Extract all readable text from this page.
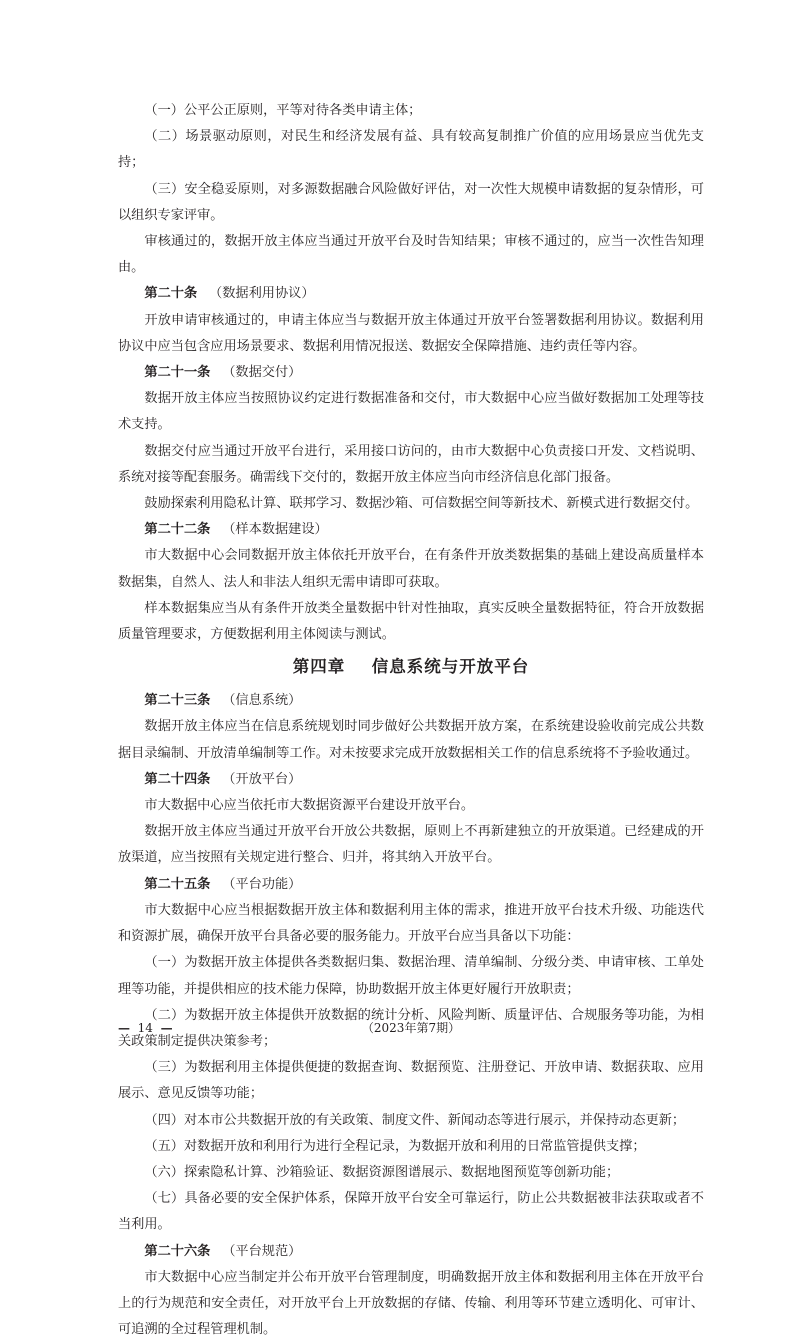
（一）公平公正原则，平等对待各类申请主体；

（二）场景驱动原则，对民生和经济发展有益、具有较高复制推广价值的应用场景应当优先支持；

（三）安全稳妥原则，对多源数据融合风险做好评估，对一次性大规模申请数据的复杂情形，可以组织专家评审。

审核通过的，数据开放主体应当通过开放平台及时告知结果；审核不通过的，应当一次性告知理由。

第二十条 （数据利用协议）

开放申请审核通过的，申请主体应当与数据开放主体通过开放平台签署数据利用协议。数据利用协议中应当包含应用场景要求、数据利用情况报送、数据安全保障措施、违约责任等内容。

第二十一条 （数据交付）

数据开放主体应当按照协议约定进行数据准备和交付，市大数据中心应当做好数据加工处理等技术支持。

数据交付应当通过开放平台进行，采用接口访问的，由市大数据中心负责接口开发、文档说明、系统对接等配套服务。确需线下交付的，数据开放主体应当向市经济信息化部门报备。

鼓励探索利用隐私计算、联邦学习、数据沙箱、可信数据空间等新技术、新模式进行数据交付。

第二十二条 （样本数据建设）

市大数据中心会同数据开放主体依托开放平台，在有条件开放类数据集的基础上建设高质量样本数据集，自然人、法人和非法人组织无需申请即可获取。

样本数据集应当从有条件开放类全量数据中针对性抽取，真实反映全量数据特征，符合开放数据质量管理要求，方便数据利用主体阅读与测试。

第四章 信息系统与开放平台

第二十三条 （信息系统）

数据开放主体应当在信息系统规划时同步做好公共数据开放方案，在系统建设验收前完成公共数据目录编制、开放清单编制等工作。对未按要求完成开放数据相关工作的信息系统将不予验收通过。

第二十四条 （开放平台）

市大数据中心应当依托市大数据资源平台建设开放平台。

数据开放主体应当通过开放平台开放公共数据，原则上不再新建独立的开放渠道。已经建成的开放渠道，应当按照有关规定进行整合、归并，将其纳入开放平台。

第二十五条 （平台功能）

市大数据中心应当根据数据开放主体和数据利用主体的需求，推进开放平台技术升级、功能迭代和资源扩展，确保开放平台具备必要的服务能力。开放平台应当具备以下功能：

（一）为数据开放主体提供各类数据归集、数据治理、清单编制、分级分类、申请审核、工单处理等功能，并提供相应的技术能力保障，协助数据开放主体更好履行开放职责；

（二）为数据开放主体提供开放数据的统计分析、风险判断、质量评估、合规服务等功能，为相关政策制定提供决策参考；

（三）为数据利用主体提供便捷的数据查询、数据预览、注册登记、开放申请、数据获取、应用展示、意见反馈等功能；

（四）对本市公共数据开放的有关政策、制度文件、新闻动态等进行展示，并保持动态更新；

（五）对数据开放和利用行为进行全程记录，为数据开放和利用的日常监管提供支撑；

（六）探索隐私计算、沙箱验证、数据资源图谱展示、数据地图预览等创新功能；

（七）具备必要的安全保护体系，保障开放平台安全可靠运行，防止公共数据被非法获取或者不当利用。

第二十六条 （平台规范）

市大数据中心应当制定并公布开放平台管理制度，明确数据开放主体和数据利用主体在开放平台上的行为规范和安全责任，对开放平台上开放数据的存储、传输、利用等环节建立透明化、可审计、可追溯的全过程管理机制。

— 14 —	（2023年第7期）
